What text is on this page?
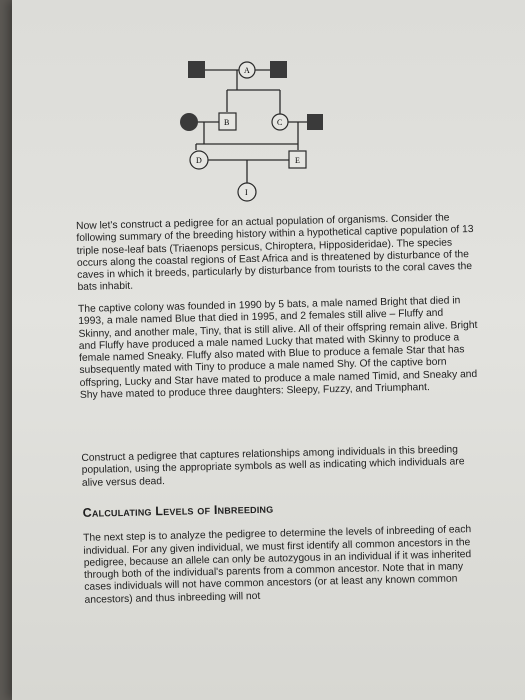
A
B	C
D	E
I

Now let's construct a pedigree for an actual population of organisms. Consider the following summary of the breeding history within a hypothetical captive population of 13 triple nose-leaf bats (Triaenops persicus, Chiroptera, Hipposideridae). The species occurs along the coastal regions of East Africa and is threatened by disturbance of the caves in which it breeds, particularly by disturbance from tourists to the coral caves the bats inhabit.

The captive colony was founded in 1990 by 5 bats, a male named Bright that died in 1993, a male named Blue that died in 1995, and 2 females still alive – Fluffy and Skinny, and another male, Tiny, that is still alive. All of their offspring remain alive. Bright and Fluffy have produced a male named Lucky that mated with Skinny to produce a female named Sneaky. Fluffy also mated with Blue to produce a female Star that has subsequently mated with Tiny to produce a male named Shy. Of the captive born offspring, Lucky and Star have mated to produce a male named Timid, and Sneaky and Shy have mated to produce three daughters: Sleepy, Fuzzy, and Triumphant.

Construct a pedigree that captures relationships among individuals in this breeding population, using the appropriate symbols as well as indicating which individuals are alive versus dead.

Calculating Levels of Inbreeding

The next step is to analyze the pedigree to determine the levels of inbreeding of each individual. For any given individual, we must first identify all common ancestors in the pedigree, because an allele can only be autozygous in an individual if it was inherited through both of the individual's parents from a common ancestor. Note that in many cases individuals will not have common ancestors (or at least any known common ancestors) and thus inbreeding will not
